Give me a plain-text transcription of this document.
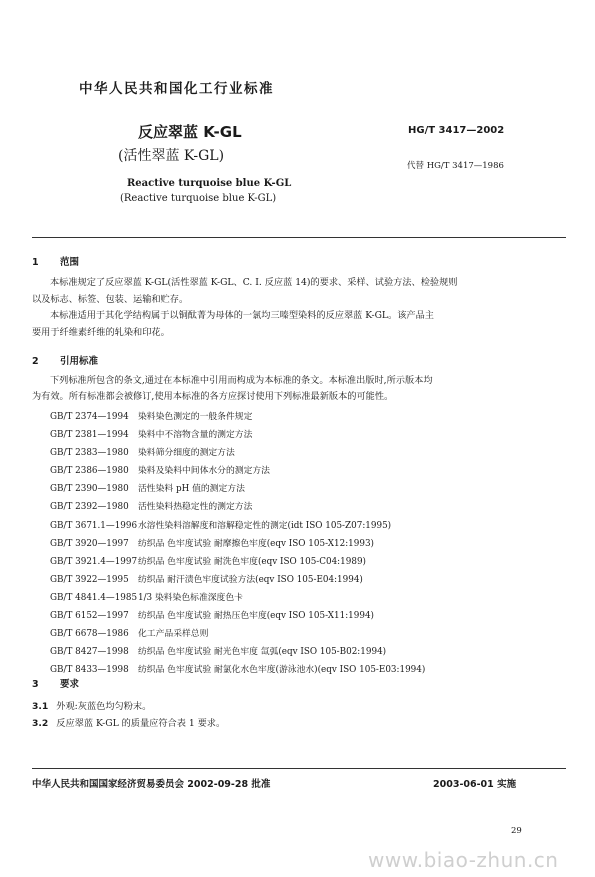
中华人民共和国化工行业标准
反应翠蓝 K-GL
(活性翠蓝 K-GL)
Reactive turquoise blue K-GL
(Reactive turquoise blue K-GL)
HG/T 3417—2002
代替 HG/T 3417—1986
1 范围
本标准规定了反应翠蓝 K-GL(活性翠蓝 K-GL、C. I. 反应蓝 14)的要求、采样、试验方法、检验规则
以及标志、标签、包装、运输和贮存。
本标准适用于其化学结构属于以铜酞菁为母体的一氯均三嗪型染料的反应翠蓝 K-GL。该产品主
要用于纤维素纤维的轧染和印花。
2 引用标准
下列标准所包含的条文,通过在本标准中引用而构成为本标准的条文。本标准出版时,所示版本均
为有效。所有标准都会被修订,使用本标准的各方应探讨使用下列标准最新版本的可能性。
GB/T 2374—1994 染料染色测定的一般条件规定
GB/T 2381—1994 染料中不溶物含量的测定方法
GB/T 2383—1980 染料筛分细度的测定方法
GB/T 2386—1980 染料及染料中间体水分的测定方法
GB/T 2390—1980 活性染料 pH 值的测定方法
GB/T 2392—1980 活性染料热稳定性的测定方法
GB/T 3671.1—1996水溶性染料溶解度和溶解稳定性的测定(idt ISO 105-Z07:1995)
GB/T 3920—1997 纺织品 色牢度试验 耐摩擦色牢度(eqv ISO 105-X12:1993)
GB/T 3921.4—1997纺织品 色牢度试验 耐洗色牢度(eqv ISO 105-C04:1989)
GB/T 3922—1995 纺织品 耐汗渍色牢度试验方法(eqv ISO 105-E04:1994)
GB/T 4841.4—19851/3 染料染色标准深度色卡
GB/T 6152—1997 纺织品 色牢度试验 耐热压色牢度(eqv ISO 105-X11:1994)
GB/T 6678—1986 化工产品采样总则
GB/T 8427—1998 纺织品 色牢度试验 耐光色牢度 氙弧(eqv ISO 105-B02:1994)
GB/T 8433—1998 纺织品 色牢度试验 耐氯化水色牢度(游泳池水)(eqv ISO 105-E03:1994)
3 要求
3.1 外观:灰蓝色均匀粉末。
3.2 反应翠蓝 K-GL 的质量应符合表 1 要求。
中华人民共和国国家经济贸易委员会 2002-09-28 批准	2003-06-01 实施
29
www.biao-zhun.cn
